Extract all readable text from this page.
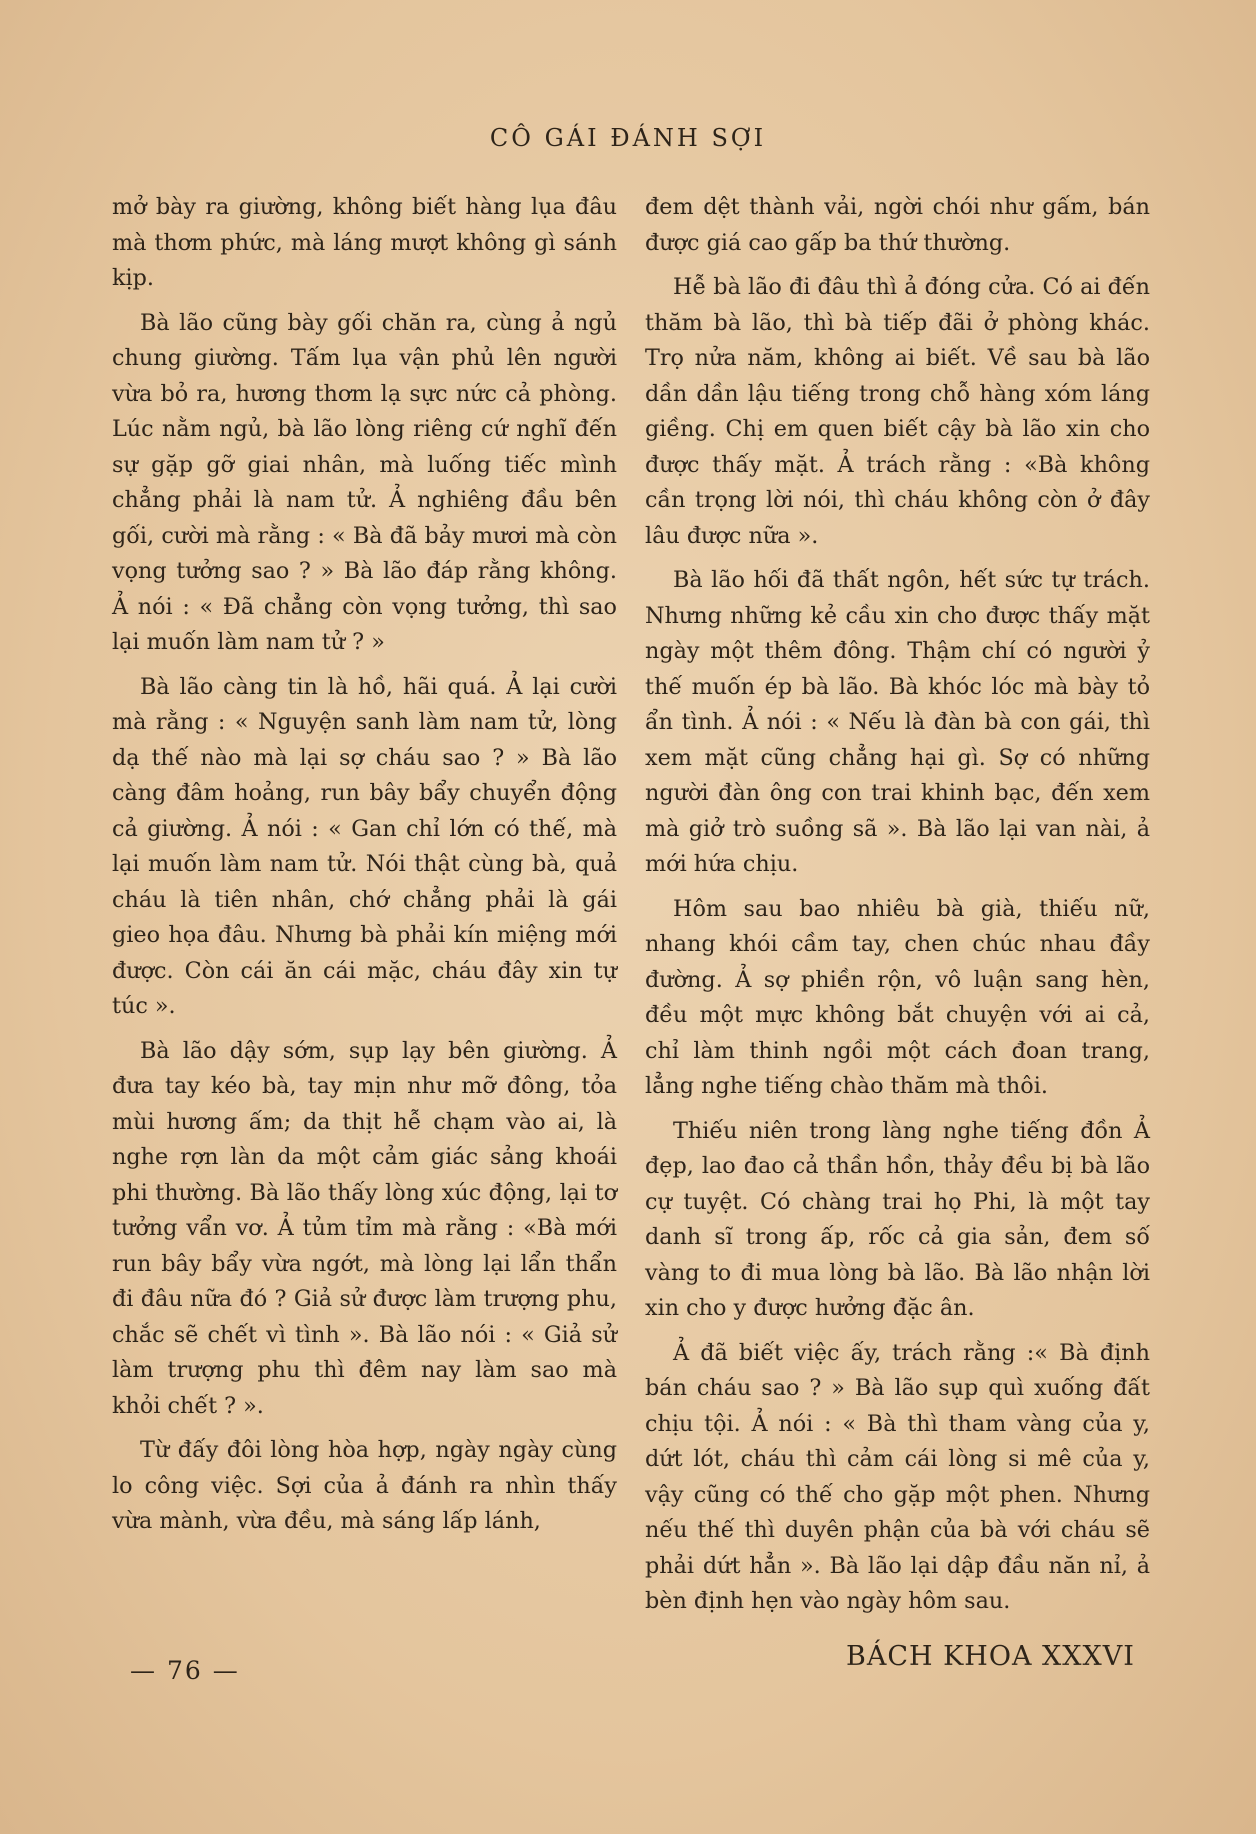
CÔ GÁI ĐÁNH SỢI

mở bày ra giường, không biết hàng lụa đâu mà thơm phức, mà láng mượt không gì sánh kịp.

Bà lão cũng bày gối chăn ra, cùng ả ngủ chung giường. Tấm lụa vận phủ lên người vừa bỏ ra, hương thơm lạ sực nức cả phòng. Lúc nằm ngủ, bà lão lòng riêng cứ nghĩ đến sự gặp gỡ giai nhân, mà luống tiếc mình chẳng phải là nam tử. Ả nghiêng đầu bên gối, cười mà rằng : « Bà đã bảy mươi mà còn vọng tưởng sao ? » Bà lão đáp rằng không. Ả nói : « Đã chẳng còn vọng tưởng, thì sao lại muốn làm nam tử ? »

Bà lão càng tin là hồ, hãi quá. Ả lại cười mà rằng : « Nguyện sanh làm nam tử, lòng dạ thế nào mà lại sợ cháu sao ? » Bà lão càng đâm hoảng, run bây bẩy chuyển động cả giường. Ả nói : « Gan chỉ lớn có thế, mà lại muốn làm nam tử. Nói thật cùng bà, quả cháu là tiên nhân, chớ chẳng phải là gái gieo họa đâu. Nhưng bà phải kín miệng mới được. Còn cái ăn cái mặc, cháu đây xin tự túc ».

Bà lão dậy sớm, sụp lạy bên giường. Ả đưa tay kéo bà, tay mịn như mỡ đông, tỏa mùi hương ấm; da thịt hễ chạm vào ai, là nghe rợn làn da một cảm giác sảng khoái phi thường. Bà lão thấy lòng xúc động, lại tơ tưởng vẩn vơ. Ả tủm tỉm mà rằng : «Bà mới run bây bẩy vừa ngớt, mà lòng lại lẩn thẩn đi đâu nữa đó ? Giả sử được làm trượng phu, chắc sẽ chết vì tình ». Bà lão nói : « Giả sử làm trượng phu thì đêm nay làm sao mà khỏi chết ? ».

Từ đấy đôi lòng hòa hợp, ngày ngày cùng lo công việc. Sợi của ả đánh ra nhìn thấy vừa mành, vừa đều, mà sáng lấp lánh,

đem dệt thành vải, ngời chói như gấm, bán được giá cao gấp ba thứ thường.

Hễ bà lão đi đâu thì ả đóng cửa. Có ai đến thăm bà lão, thì bà tiếp đãi ở phòng khác. Trọ nửa năm, không ai biết. Về sau bà lão dần dần lậu tiếng trong chỗ hàng xóm láng giềng. Chị em quen biết cậy bà lão xin cho được thấy mặt. Ả trách rằng : «Bà không cần trọng lời nói, thì cháu không còn ở đây lâu được nữa ».

Bà lão hối đã thất ngôn, hết sức tự trách. Nhưng những kẻ cầu xin cho được thấy mặt ngày một thêm đông. Thậm chí có người ỷ thế muốn ép bà lão. Bà khóc lóc mà bày tỏ ẩn tình. Ả nói : « Nếu là đàn bà con gái, thì xem mặt cũng chẳng hại gì. Sợ có những người đàn ông con trai khinh bạc, đến xem mà giở trò suồng sã ». Bà lão lại van nài, ả mới hứa chịu.

Hôm sau bao nhiêu bà già, thiếu nữ, nhang khói cầm tay, chen chúc nhau đầy đường. Ả sợ phiền rộn, vô luận sang hèn, đều một mực không bắt chuyện với ai cả, chỉ làm thinh ngồi một cách đoan trang, lẳng nghe tiếng chào thăm mà thôi.

Thiếu niên trong làng nghe tiếng đồn Ả đẹp, lao đao cả thần hồn, thảy đều bị bà lão cự tuyệt. Có chàng trai họ Phi, là một tay danh sĩ trong ấp, rốc cả gia sản, đem số vàng to đi mua lòng bà lão. Bà lão nhận lời xin cho y được hưởng đặc ân.

Ả đã biết việc ấy, trách rằng :« Bà định bán cháu sao ? » Bà lão sụp quì xuống đất chịu tội. Ả nói : « Bà thì tham vàng của y, dứt lót, cháu thì cảm cái lòng si mê của y, vậy cũng có thế cho gặp một phen. Nhưng nếu thế thì duyên phận của bà với cháu sẽ phải dứt hẳn ». Bà lão lại dập đầu năn nỉ, ả bèn định hẹn vào ngày hôm sau.

— 76 —	BÁCH KHOA XXXVI
